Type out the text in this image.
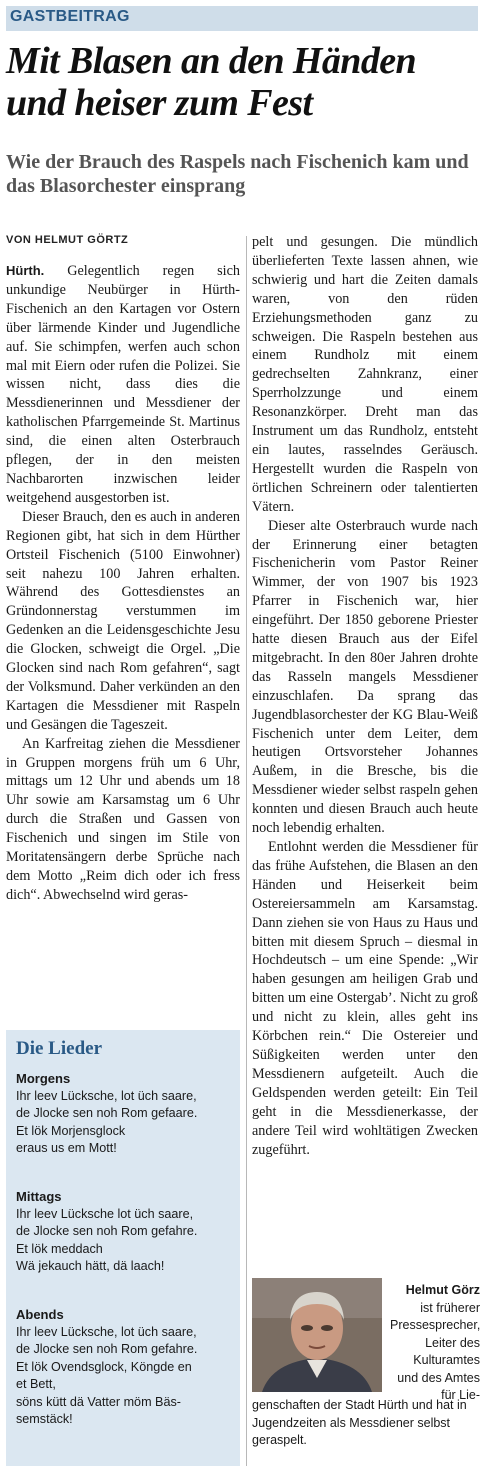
GASTBEITRAG
Mit Blasen an den Händen und heiser zum Fest
Wie der Brauch des Raspels nach Fischenich kam und das Blasorchester einsprang
VON HELMUT GÖRTZ

Hürth. Gelegentlich regen sich unkundige Neubürger in Hürth-Fischenich an den Kartagen vor Ostern über lärmende Kinder und Jugendliche auf. Sie schimpfen, werfen auch schon mal mit Eiern oder rufen die Polizei. Sie wissen nicht, dass dies die Messdienerinnen und Messdiener der katholischen Pfarrgemeinde St. Martinus sind, die einen alten Osterbrauch pflegen, der in den meisten Nachbarorten inzwischen leider weitgehend ausgestorben ist.

Dieser Brauch, den es auch in anderen Regionen gibt, hat sich in dem Hürther Ortsteil Fischenich (5100 Einwohner) seit nahezu 100 Jahren erhalten. Während des Gottesdienstes an Gründonnerstag verstummen im Gedenken an die Leidensgeschichte Jesu die Glocken, schweigt die Orgel. „Die Glocken sind nach Rom gefahren“, sagt der Volksmund. Daher verkünden an den Kartagen die Messdiener mit Raspeln und Gesängen die Tageszeit.

An Karfreitag ziehen die Messdiener in Gruppen morgens früh um 6 Uhr, mittags um 12 Uhr und abends um 18 Uhr sowie am Karsamstag um 6 Uhr durch die Straßen und Gassen von Fischenich und singen im Stile von Moritatensängern derbe Sprüche nach dem Motto „Reim dich oder ich fress dich“. Abwechselnd wird geras-

pelt und gesungen. Die mündlich überlieferten Texte lassen ahnen, wie schwierig und hart die Zeiten damals waren, von den rüden Erziehungsmethoden ganz zu schweigen. Die Raspeln bestehen aus einem Rundholz mit einem gedrechselten Zahnkranz, einer Sperrholzzunge und einem Resonanzkörper. Dreht man das Instrument um das Rundholz, entsteht ein lautes, rasselndes Geräusch. Hergestellt wurden die Raspeln von örtlichen Schreinern oder talentierten Vätern.

Dieser alte Osterbrauch wurde nach der Erinnerung einer betagten Fischenicherin vom Pastor Reiner Wimmer, der von 1907 bis 1923 Pfarrer in Fischenich war, hier eingeführt. Der 1850 geborene Priester hatte diesen Brauch aus der Eifel mitgebracht. In den 80er Jahren drohte das Rasseln mangels Messdiener einzuschlafen. Da sprang das Jugendblasorchester der KG Blau-Weiß Fischenich unter dem Leiter, dem heutigen Ortsvorsteher Johannes Außem, in die Bresche, bis die Messdiener wieder selbst raspeln gehen konnten und diesen Brauch auch heute noch lebendig erhalten.

Entlohnt werden die Messdiener für das frühe Aufstehen, die Blasen an den Händen und Heiserkeit beim Ostereiersammeln am Karsamstag. Dann ziehen sie von Haus zu Haus und bitten mit diesem Spruch – diesmal in Hochdeutsch – um eine Spende: „Wir haben gesungen am heiligen Grab und bitten um eine Ostergab’. Nicht zu groß und nicht zu klein, alles geht ins Körbchen rein.“ Die Ostereier und Süßigkeiten werden unter den Messdienern aufgeteilt. Auch die Geldspenden werden geteilt: Ein Teil geht in die Messdienerkasse, der andere Teil wird wohltätigen Zwecken zugeführt.

Die Lieder
Morgens
Ihr leev Lücksche, lot üch saare,
de Jlocke sen noh Rom gefaare.
Et lök Morjensglock
eraus us em Mott!
Mittags
Ihr leev Lücksche lot üch saare,
de Jlocke sen noh Rom gefahre.
Et lök meddach
Wä jekauch hätt, dä laach!
Abends
Ihr leev Lücksche, lot üch saare,
de Jlocke sen noh Rom gefahre.
Et lök Ovendsglock, Köngde en
et Bett,
söns kütt dä Vatter möm Bäs-
semstäck!
Helmut Görz
ist früherer Pressesprecher, Leiter des Kulturamtes und des Amtes für Lie-
genschaften der Stadt Hürth und hat in Jugendzeiten als Messdiener selbst geraspelt.
